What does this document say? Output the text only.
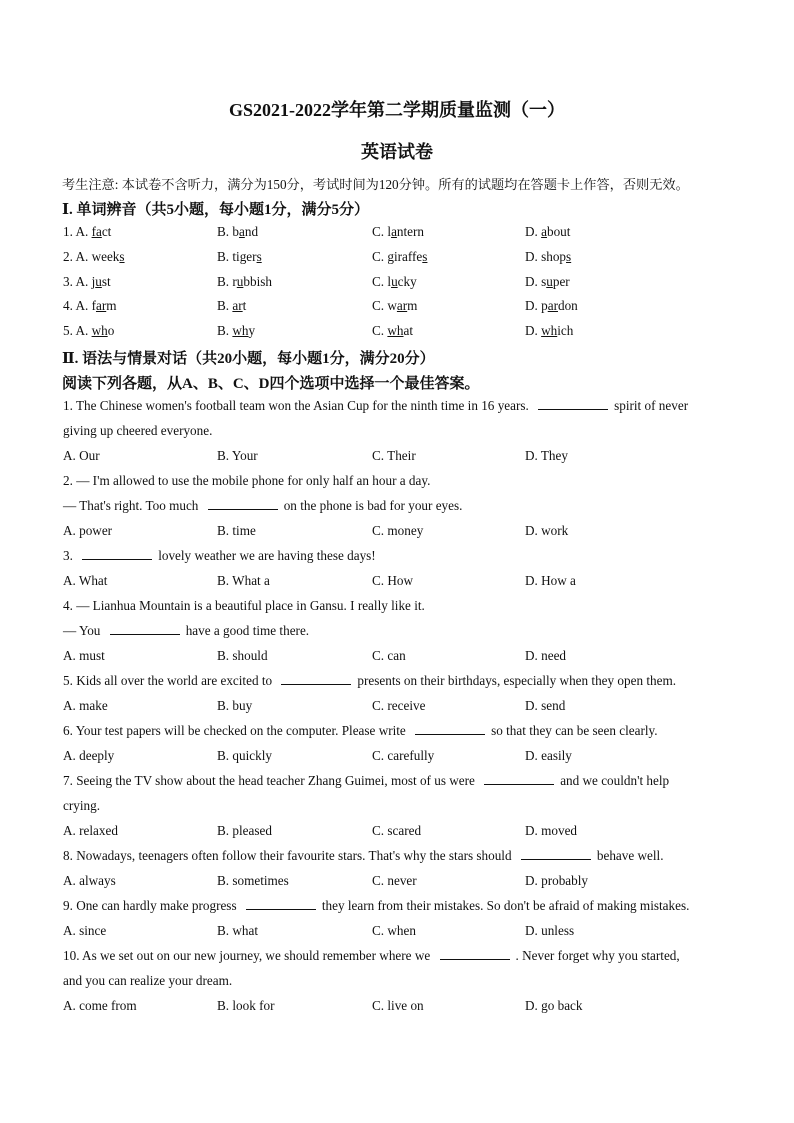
GS2021-2022学年第二学期质量监测（一）
英语试卷
考生注意: 本试卷不含听力，满分为150分，考试时间为120分钟。所有的试题均在答题卡上作答，否则无效。
Ⅰ. 单词辨音（共5小题，每小题1分，满分5分）
1. A. fact	B. band	C. lantern	D. about
2. A. weeks	B. tigers	C. giraffes	D. shops
3. A. just	B. rubbish	C. lucky	D. super
4. A. farm	B. art	C. warm	D. pardon
5. A. who	B. why	C. what	D. which
Ⅱ. 语法与情景对话（共20小题，每小题1分，满分20分）
阅读下列各题，从A、B、C、D四个选项中选择一个最佳答案。
1. The Chinese women's football team won the Asian Cup for the ninth time in 16 years.	spirit of never
giving up cheered everyone.
A. Our	B. Your	C. Their	D. They
2. — I'm allowed to use the mobile phone for only half an hour a day.
— That's right. Too much	on the phone is bad for your eyes.
A. power	B. time	C. money	D. work
3.	lovely weather we are having these days!
A. What	B. What a	C. How	D. How a
4. — Lianhua Mountain is a beautiful place in Gansu. I really like it.
— You	have a good time there.
A. must	B. should	C. can	D. need
5. Kids all over the world are excited to	presents on their birthdays, especially when they open them.
A. make	B. buy	C. receive	D. send
6. Your test papers will be checked on the computer. Please write	so that they can be seen clearly.
A. deeply	B. quickly	C. carefully	D. easily
7. Seeing the TV show about the head teacher Zhang Guimei, most of us were	and we couldn't help
crying.
A. relaxed	B. pleased	C. scared	D. moved
8. Nowadays, teenagers often follow their favourite stars. That's why the stars should	behave well.
A. always	B. sometimes	C. never	D. probably
9. One can hardly make progress	they learn from their mistakes. So don't be afraid of making mistakes.
A. since	B. what	C. when	D. unless
10. As we set out on our new journey, we should remember where we	. Never forget why you started,
and you can realize your dream.
A. come from	B. look for	C. live on	D. go back
